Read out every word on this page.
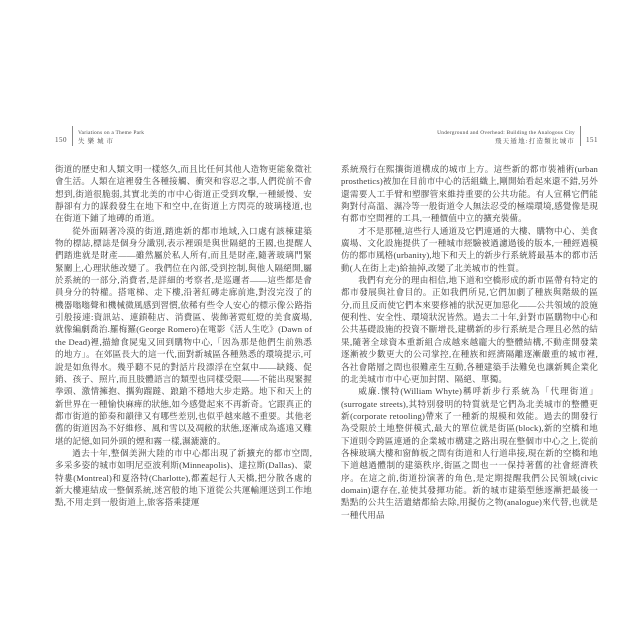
150
Variations on a Theme Park
失樂城市

街道的歷史和人類文明一樣悠久,而且比任何其他人造物更能象徵社會生活。人類在這裡發生各種接觸、衝突和容忍之事,人們從前不會想到,街道很脆弱,其實北美的市中心街道正受到攻擊,一種緩慢、安靜卻有力的謀殺發生在地下和空中,在街道上方閃亮的玻璃棧道,也在街道下鋪了地磚的甬道。

從外面隔著冷漠的街道,踏進新的都市地域,入口處有該棟建築物的標誌,標誌是個身分識別,表示裡頭是與世隔絕的王國,也提醒人們踏進就是財產——雖然屬於私人所有,而且是財產,隨著玻璃門緊緊關上,心理狀態改變了。我們位在內部,受到控制,與他人隔絕開,屬於系統的一部分,消費者,是詳細的考察者,是巡邏者——這些都是會員身分的特權。搭電梯、走下樓,沿著紅磚走廊前進,對沒完沒了的機器嗡嗡聲和機械微風感到習慣,依稀有些令人安心的標示像公路指引般接連:資訊站、連鎖鞋店、消費區、裝飾著霓虹燈的美食廣場,就像編劇喬治.羅梅羅(George Romero)在電影《活人生吃》(Dawn of the Dead)裡,描繪食屍鬼又回到購物中心,「因為那是他們生前熟悉的地方」。在郊區長大的這一代,面對新城區各種熟悉的環境提示,可說是如魚得水。幾乎聽不見的對話片段漂浮在空氣中——缺錢、促銷、孩子、照片,而且肢體語言的類型也同樣受限——不能出現緊握拳頭、激情擁抱、攜狗蹓躂、踉蹌不穩地大步走路。地下和天上的新世界在一種愉快麻痺的狀態,如今感覺起來不再新奇。它跟真正的都市街道的節奏和韻律又有哪些差別,也似乎越來越不重要。其他老舊的街道因為不好維修、風和雪以及凋敝的狀態,逐漸成為遙遠又難堪的記憶,如同外頭的煙和霧一樣,濕漉漉的。

過去十年,整個美洲大陸的市中心都出現了新擴充的都市空間,多采多姿的城市如明尼亞波利斯(Minneapolis)、達拉斯(Dallas)、蒙特婁(Montreal)和夏洛特(Charlotte),都蓋起行人天橋,把分散各處的新大樓連結成一整個系統,迷宮般的地下道從公共運輸運送到工作地點,不用走到一般街道上,旅客搭乘捷運

Underground and Overhead: Building the Analogous City
飛天遁地:打造類比城市 151

系統飛行在熙攘街道構成的城市上方。這些新的都市裝補術(urban prosthetics)被加在目前市中心的活組織上,剛開始看起來還不錯,另外還需要人工手臂和塑膠管來維持重要的公共功能。有人宣稱它們能夠對付高溫、濕冷等一般街道令人無法忍受的極端環境,感覺像是現有都市空間裡的工具,一種價值中立的擴充裝備。

才不是那種,這些行人通道及它們連通的大樓、購物中心、美食廣場、文化設施提供了一種城市經驗被過濾過後的版本,一種經過模仿的都市風格(urbanity),地下和天上的新步行系統將最基本的都市活動(人在街上走)給抽掉,改變了北美城市的性質。

我們有充分的理由相信,地下道和空橋形成的新市區帶有特定的都市發展與社會目的。正如我們所見,它們加劇了種族與階級的區分,而且反而使它們本來要修補的狀況更加惡化——公共領域的設施便利性、安全性、環境狀況皆然。過去二十年,針對市區購物中心和公共基礎設施的投資不斷增長,建構新的步行系統是合理且必然的結果,隨著全球資本重新組合成越來越龐大的整體結構,不動產開發業逐漸被少數更大的公司掌控,在種族和經濟隔離逐漸嚴重的城市裡,各社會階層之間也很難產生互動,各種建築手法難免也讓新興企業化的北美城市市中心更加封閉、隔絕、單獨。

威廉.懷特(William Whyte)稱呼新步行系統為「代理街道」(surrogate streets),其特別發明的特質就是它們為北美城市的整體更新(corporate retooling)帶來了一種新的規模和效能。過去的開發行為受限於土地整併模式,最大的單位就是街區(block),新的空橋和地下道則令跨區連通的企業城市構建之路出現在整個市中心之上,從前各棟玻璃大樓和窗飾板之間有街道和人行道串接,現在新的空橋和地下道越過體制的建築秩序,街區之間也一一保持著舊的社會經濟秩序。在這之前,街道扮演著的角色,是定期提醒我們公民領域(civic domain)還存在,並使其發揮功能。新的城市建築型態逐漸把最後一點點的公共生活遺緒都給去除,用擬仿之物(analogue)來代替,也就是一種代用品
